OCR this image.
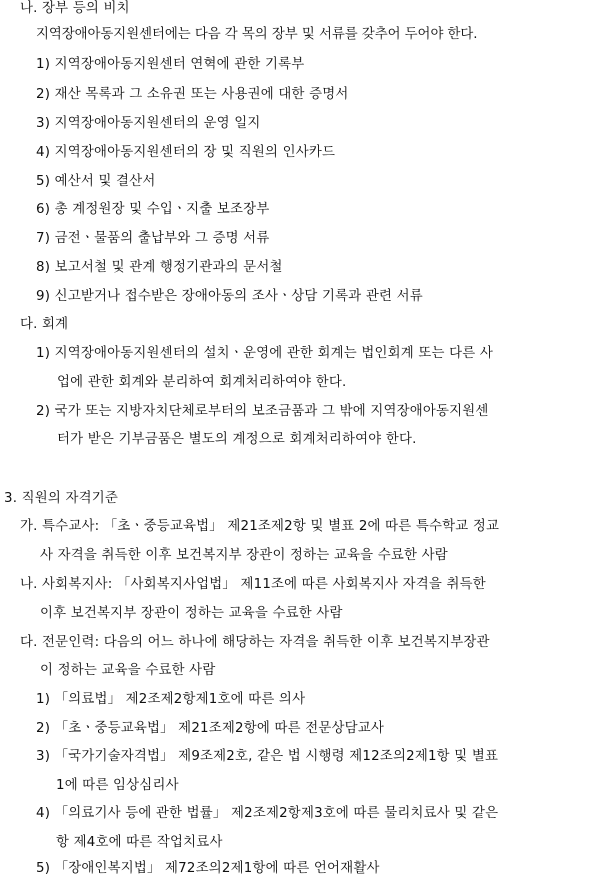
나. 장부 등의 비치
지역장애아동지원센터에는 다음 각 목의 장부 및 서류를 갖추어 두어야 한다.
1) 지역장애아동지원센터 연혁에 관한 기록부
2) 재산 목록과 그 소유권 또는 사용권에 대한 증명서
3) 지역장애아동지원센터의 운영 일지
4) 지역장애아동지원센터의 장 및 직원의 인사카드
5) 예산서 및 결산서
6) 총 계정원장 및 수입ㆍ지출 보조장부
7) 금전ㆍ물품의 출납부와 그 증명 서류
8) 보고서철 및 관계 행정기관과의 문서철
9) 신고받거나 접수받은 장애아동의 조사ㆍ상담 기록과 관련 서류
다. 회계
1) 지역장애아동지원센터의 설치ㆍ운영에 관한 회계는 법인회계 또는 다른 사
업에 관한 회계와 분리하여 회계처리하여야 한다.
2) 국가 또는 지방자치단체로부터의 보조금품과 그 밖에 지역장애아동지원센
터가 받은 기부금품은 별도의 계정으로 회계처리하여야 한다.
3. 직원의 자격기준
가. 특수교사: 「초ㆍ중등교육법」 제21조제2항 및 별표 2에 따른 특수학교 정교
사 자격을 취득한 이후 보건복지부 장관이 정하는 교육을 수료한 사람
나. 사회복지사: 「사회복지사업법」 제11조에 따른 사회복지사 자격을 취득한
이후 보건복지부 장관이 정하는 교육을 수료한 사람
다. 전문인력: 다음의 어느 하나에 해당하는 자격을 취득한 이후 보건복지부장관
이 정하는 교육을 수료한 사람
1) 「의료법」 제2조제2항제1호에 따른 의사
2) 「초ㆍ중등교육법」 제21조제2항에 따른 전문상담교사
3) 「국가기술자격법」 제9조제2호, 같은 법 시행령 제12조의2제1항 및 별표
1에 따른 임상심리사
4) 「의료기사 등에 관한 법률」 제2조제2항제3호에 따른 물리치료사 및 같은
항 제4호에 따른 작업치료사
5) 「장애인복지법」 제72조의2제1항에 따른 언어재활사
